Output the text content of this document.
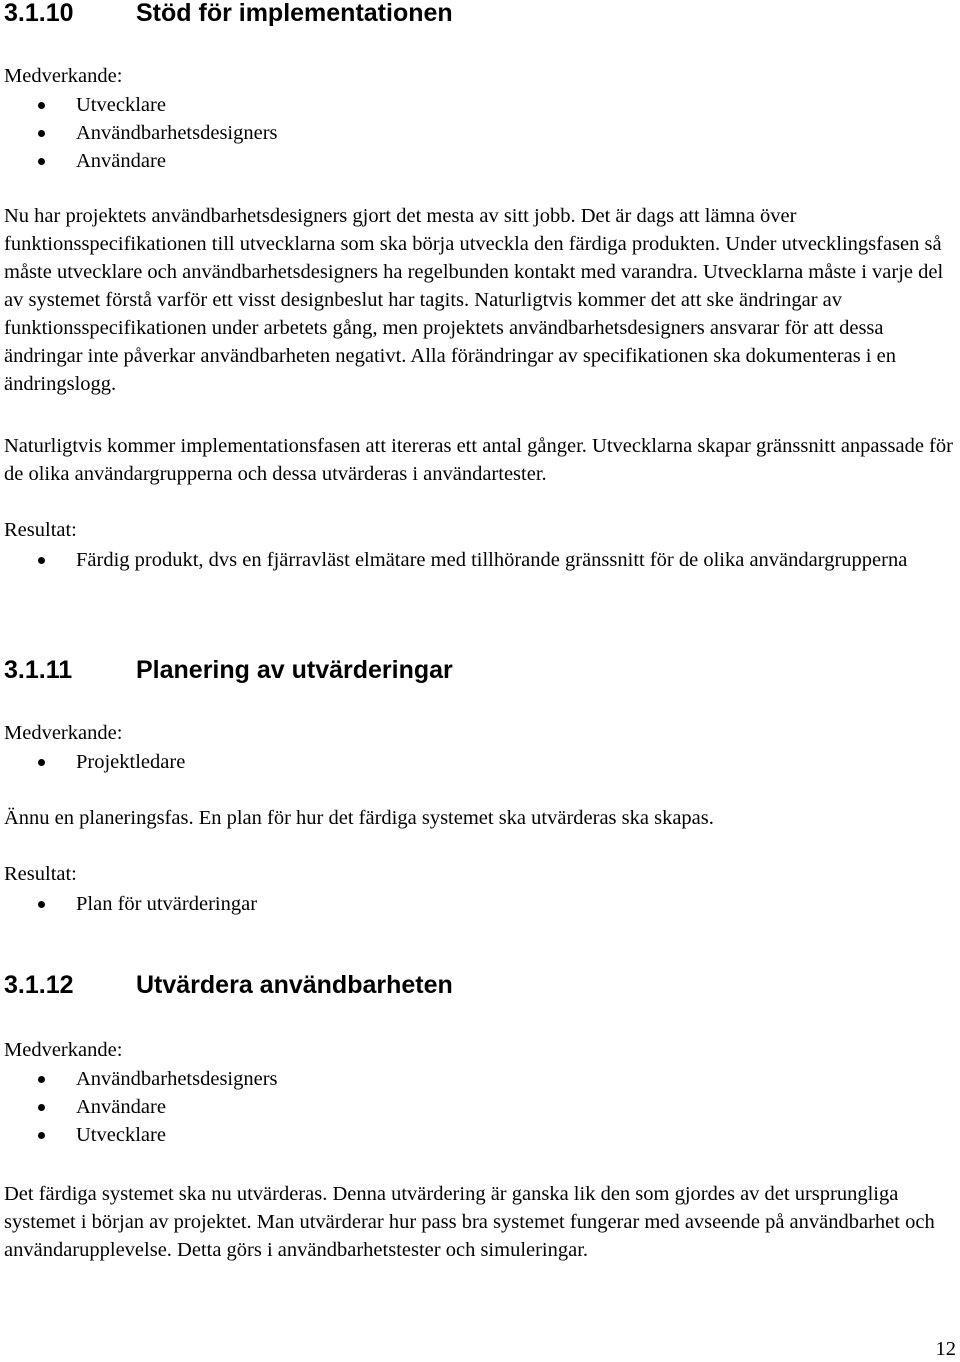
3.1.10 Stöd för implementationen
Medverkande:
Utvecklare
Användbarhetsdesigners
Användare

Nu har projektets användbarhetsdesigners gjort det mesta av sitt jobb. Det är dags att lämna över funktionsspecifikationen till utvecklarna som ska börja utveckla den färdiga produkten. Under utvecklingsfasen så måste utvecklare och användbarhetsdesigners ha regelbunden kontakt med varandra. Utvecklarna måste i varje del av systemet förstå varför ett visst designbeslut har tagits. Naturligtvis kommer det att ske ändringar av funktionsspecifikationen under arbetets gång, men projektets användbarhetsdesigners ansvarar för att dessa ändringar inte påverkar användbarheten negativt. Alla förändringar av specifikationen ska dokumenteras i en ändringslogg.

Naturligtvis kommer implementationsfasen att itereras ett antal gånger. Utvecklarna skapar gränssnitt anpassade för de olika användargrupperna och dessa utvärderas i användartester.

Resultat:
Färdig produkt, dvs en fjärravläst elmätare med tillhörande gränssnitt för de olika användargrupperna
3.1.11	Planering av utvärderingar
Medverkande:
Projektledare

Ännu en planeringsfas. En plan för hur det färdiga systemet ska utvärderas ska skapas.

Resultat:
Plan för utvärderingar
3.1.12 Utvärdera användbarheten
Medverkande:
Användbarhetsdesigners
Användare
Utvecklare

Det färdiga systemet ska nu utvärderas. Denna utvärdering är ganska lik den som gjordes av det ursprungliga systemet i början av projektet. Man utvärderar hur pass bra systemet fungerar med avseende på användbarhet och användarupplevelse. Detta görs i användbarhetstester och simuleringar.

12
